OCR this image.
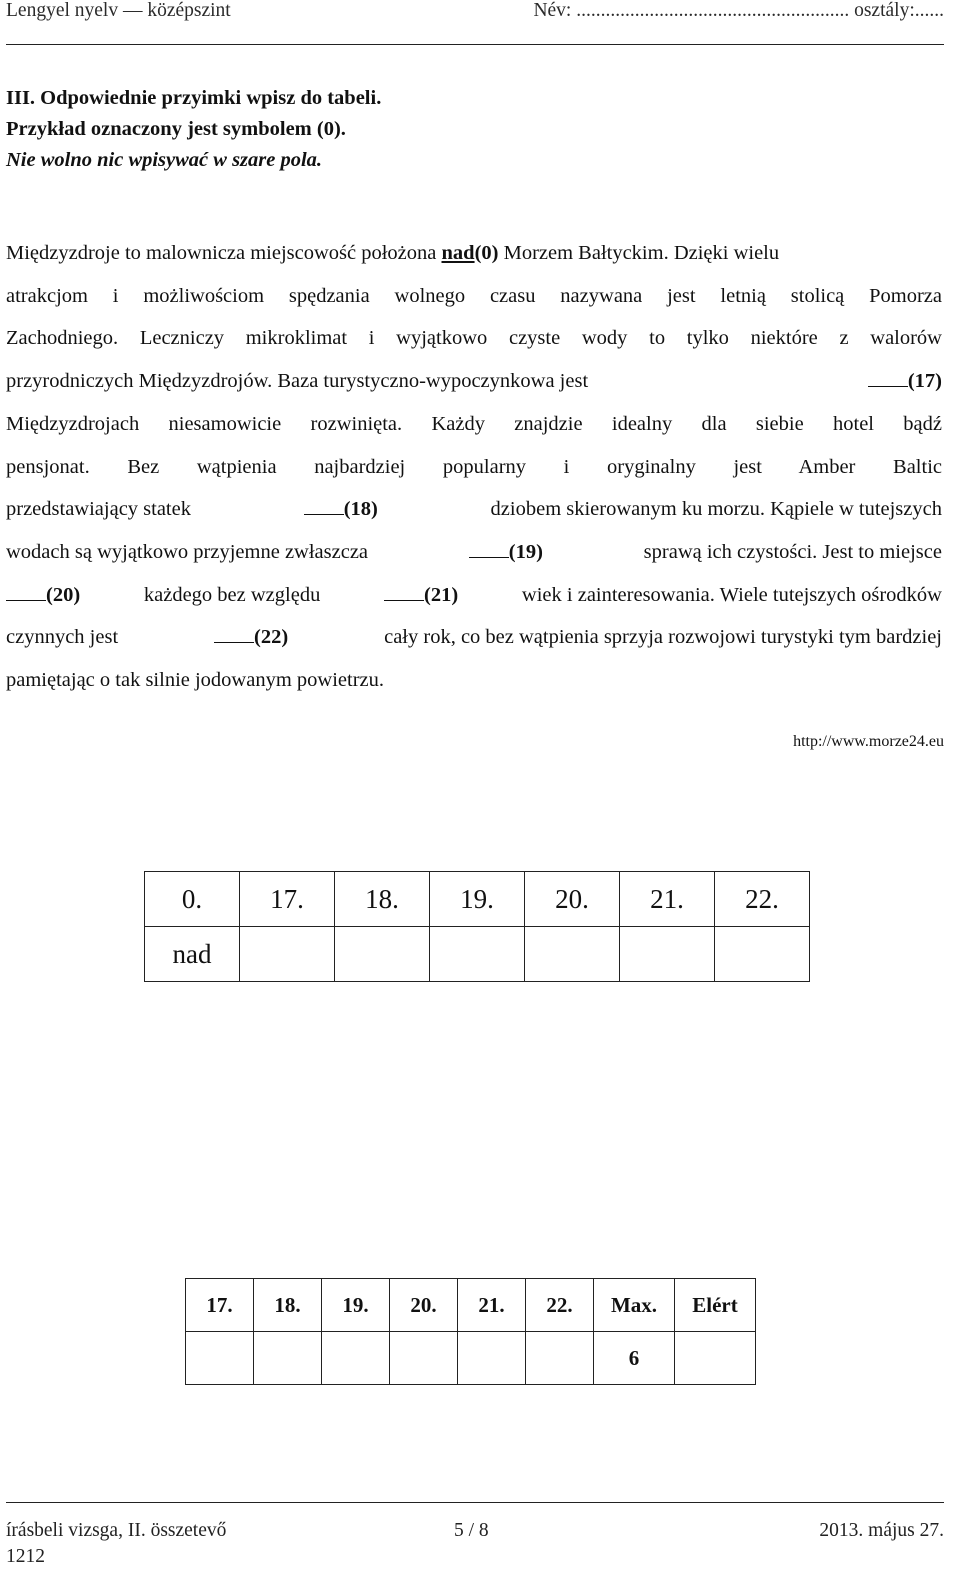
Lengyel nyelv — középszint	Név: ........................................................ osztály:......
III. Odpowiednie przyimki wpisz do tabeli.
Przykład oznaczony jest symbolem (0).
Nie wolno nic wpisywać w szare pola.
Międzyzdroje to malownicza miejscowość położona nad(0) Morzem Bałtyckim. Dzięki wielu
atrakcjom i możliwościom spędzania wolnego czasu nazywana jest letnią stolicą Pomorza
Zachodniego. Leczniczy mikroklimat i wyjątkowo czyste wody to tylko niektóre z walorów
przyrodniczych Międzyzdrojów. Baza turystyczno-wypoczynkowa jest	(17)
Międzyzdrojach niesamowicie rozwinięta. Każdy znajdzie idealny dla siebie hotel bądź
pensjonat. Bez wątpienia najbardziej popularny i oryginalny jest Amber Baltic
przedstawiający statek	(18)	dziobem skierowanym ku morzu. Kąpiele w tutejszych
wodach są wyjątkowo przyjemne zwłaszcza	(19)	sprawą ich czystości. Jest to miejsce
(20)	każdego bez względu	(21)	wiek i zainteresowania. Wiele tutejszych ośrodków
czynnych jest	(22)	cały rok, co bez wątpienia sprzyja rozwojowi turystyki tym bardziej
pamiętając o tak silnie jodowanym powietrzu.
http://www.morze24.eu
0.	17.	18.	19.	20.	21.	22.
nad						
17.	18.	19.	20.	21.	22.	Max.	Elért
						6	
írásbeli vizsga, II. összetevő	5 / 8	2013. május 27.
1212
